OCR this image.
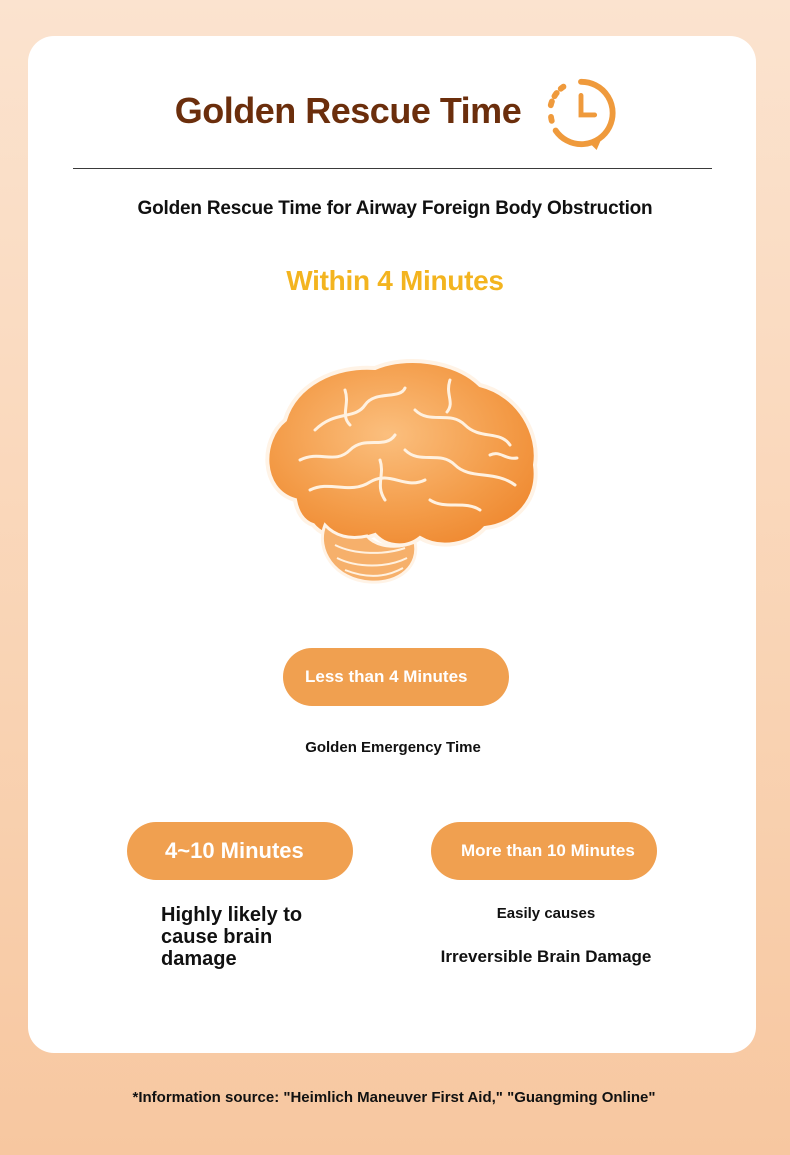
Golden Rescue Time
Golden Rescue Time for Airway Foreign Body Obstruction
Within 4 Minutes
Less than 4 Minutes
Golden Emergency Time
4~10 Minutes
Highly likely to cause brain damage
More than 10 Minutes
Easily causes
Irreversible Brain Damage
*Information source: "Heimlich Maneuver First Aid," "Guangming Online"
